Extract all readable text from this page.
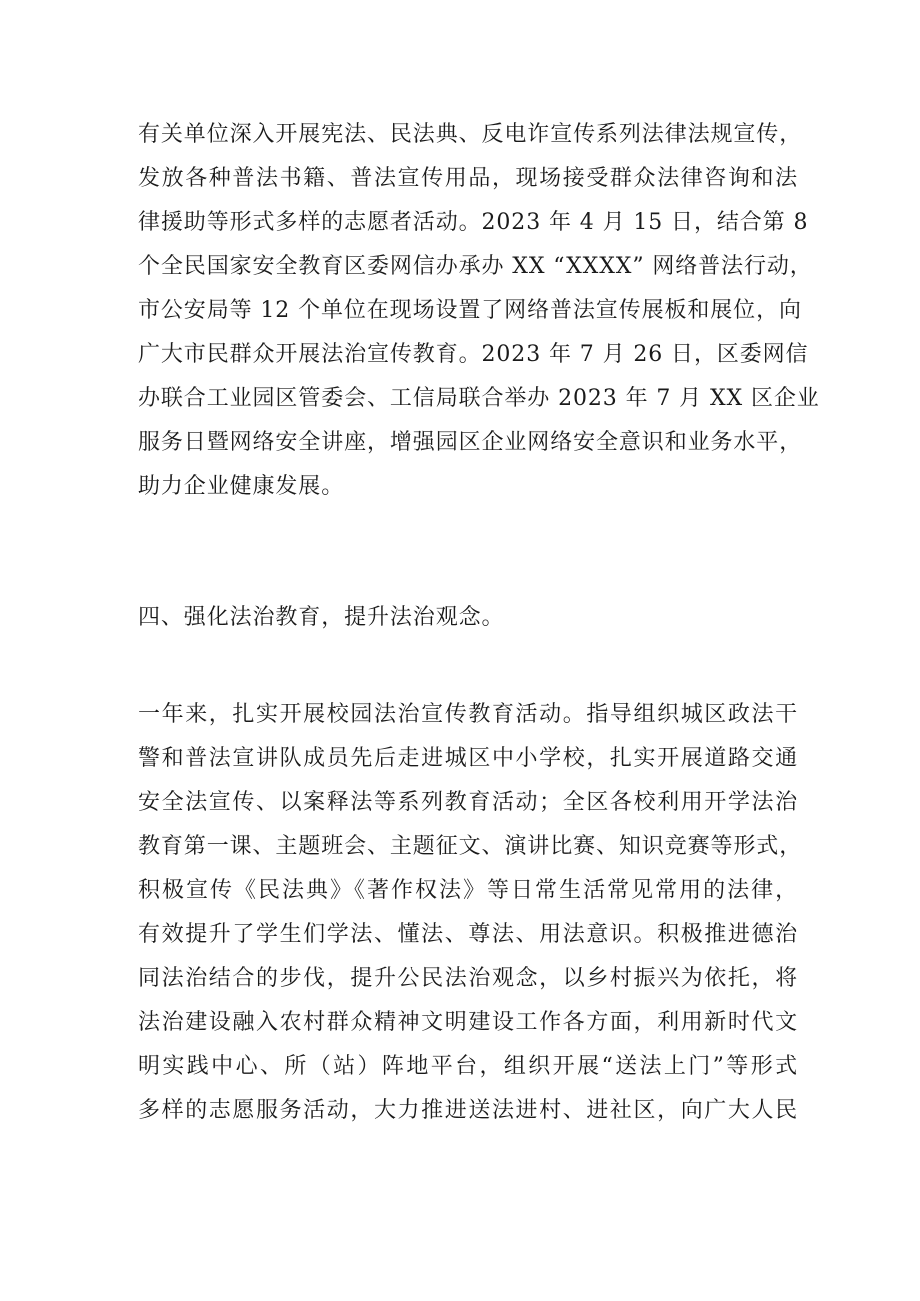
有关单位深入开展宪法、民法典、反电诈宣传系列法律法规宣传，
发放各种普法书籍、普法宣传用品，现场接受群众法律咨询和法
律援助等形式多样的志愿者活动。2023 年 4 月 15 日，结合第 8
个全民国家安全教育区委网信办承办 XX “XXXX” 网络普法行动，
市公安局等 12 个单位在现场设置了网络普法宣传展板和展位，向
广大市民群众开展法治宣传教育。2023 年 7 月 26 日，区委网信
办联合工业园区管委会、工信局联合举办 2023 年 7 月 XX 区企业
服务日暨网络安全讲座，增强园区企业网络安全意识和业务水平，
助力企业健康发展。
四、强化法治教育，提升法治观念。
一年来，扎实开展校园法治宣传教育活动。指导组织城区政法干
警和普法宣讲队成员先后走进城区中小学校，扎实开展道路交通
安全法宣传、以案释法等系列教育活动；全区各校利用开学法治
教育第一课、主题班会、主题征文、演讲比赛、知识竞赛等形式，
积极宣传《民法典》《著作权法》等日常生活常见常用的法律，
有效提升了学生们学法、懂法、尊法、用法意识。积极推进德治
同法治结合的步伐，提升公民法治观念，以乡村振兴为依托，将
法治建设融入农村群众精神文明建设工作各方面，利用新时代文
明实践中心、所（站）阵地平台，组织开展“送法上门”等形式
多样的志愿服务活动，大力推进送法进村、进社区，向广大人民
